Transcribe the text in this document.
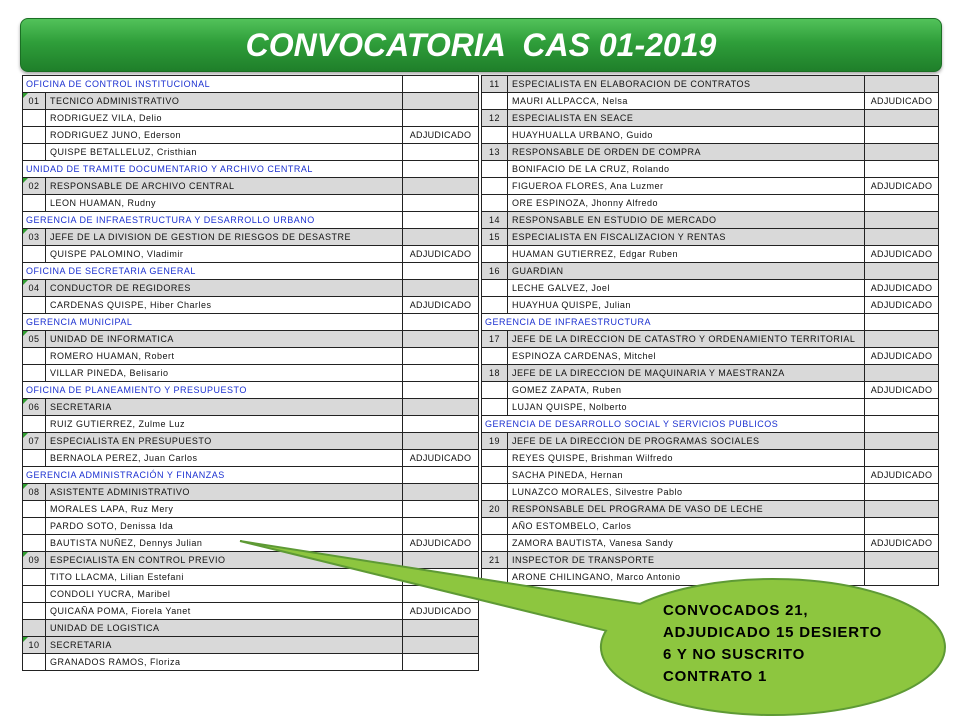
CONVOCATORIA  CAS 01-2019
OFICINA DE CONTROL INSTITUCIONAL
01	TECNICO ADMINISTRATIVO
RODRIGUEZ VILA, Delio
RODRIGUEZ JUNO, Ederson	ADJUDICADO
QUISPE BETALLELUZ, Cristhian
UNIDAD DE TRAMITE DOCUMENTARIO Y ARCHIVO CENTRAL
02	RESPONSABLE DE ARCHIVO CENTRAL
LEON HUAMAN, Rudny
GERENCIA DE INFRAESTRUCTURA Y DESARROLLO URBANO
03	JEFE DE LA DIVISION DE GESTION DE RIESGOS DE DESASTRE
QUISPE PALOMINO, Vladimir	ADJUDICADO
OFICINA DE SECRETARIA GENERAL
04	CONDUCTOR DE REGIDORES
CARDENAS QUISPE, Hiber Charles	ADJUDICADO
GERENCIA MUNICIPAL
05	UNIDAD DE INFORMATICA
ROMERO HUAMAN, Robert
VILLAR PINEDA, Belisario
OFICINA DE PLANEAMIENTO Y PRESUPUESTO
06	SECRETARIA
RUIZ GUTIERREZ, Zulme Luz
07	ESPECIALISTA EN PRESUPUESTO
BERNAOLA PEREZ, Juan Carlos	ADJUDICADO
GERENCIA ADMINISTRACIÓN Y FINANZAS
08	ASISTENTE ADMINISTRATIVO
MORALES LAPA, Ruz Mery
PARDO SOTO, Denissa Ida
BAUTISTA NUÑEZ, Dennys Julian	ADJUDICADO
09	ESPECIALISTA EN CONTROL PREVIO
TITO LLACMA, Lilian Estefani
CONDOLI YUCRA, Maribel
QUICAÑA POMA, Fiorela Yanet	ADJUDICADO
UNIDAD DE LOGISTICA
10	SECRETARIA
GRANADOS RAMOS, Floriza
11	ESPECIALISTA EN ELABORACION DE CONTRATOS
MAURI ALLPACCA, Nelsa	ADJUDICADO
12	ESPECIALISTA EN SEACE
HUAYHUALLA URBANO, Guido
13	RESPONSABLE DE ORDEN DE COMPRA
BONIFACIO DE LA CRUZ, Rolando
FIGUEROA FLORES, Ana Luzmer	ADJUDICADO
ORE ESPINOZA, Jhonny Alfredo
14	RESPONSABLE EN ESTUDIO DE MERCADO
15	ESPECIALISTA EN FISCALIZACION Y RENTAS
HUAMAN GUTIERREZ, Edgar Ruben	ADJUDICADO
16	GUARDIAN
LECHE GALVEZ, Joel	ADJUDICADO
HUAYHUA QUISPE, Julian	ADJUDICADO
GERENCIA DE INFRAESTRUCTURA
17	JEFE DE LA DIRECCION DE CATASTRO Y ORDENAMIENTO TERRITORIAL
ESPINOZA CARDENAS, Mitchel	ADJUDICADO
18	JEFE DE LA DIRECCION DE MAQUINARIA Y MAESTRANZA
GOMEZ ZAPATA, Ruben	ADJUDICADO
LUJAN QUISPE, Nolberto
GERENCIA DE DESARROLLO SOCIAL Y SERVICIOS PUBLICOS
19	JEFE DE LA DIRECCION DE PROGRAMAS SOCIALES
REYES QUISPE, Brishman Wilfredo
SACHA PINEDA, Hernan	ADJUDICADO
LUNAZCO MORALES, Silvestre Pablo
20	RESPONSABLE DEL PROGRAMA DE VASO DE LECHE
AÑO ESTOMBELO, Carlos
ZAMORA BAUTISTA, Vanesa Sandy	ADJUDICADO
21	INSPECTOR DE TRANSPORTE
ARONE CHILINGANO, Marco Antonio
CONVOCADOS 21,
ADJUDICADO 15 DESIERTO
6 Y NO SUSCRITO
CONTRATO 1
